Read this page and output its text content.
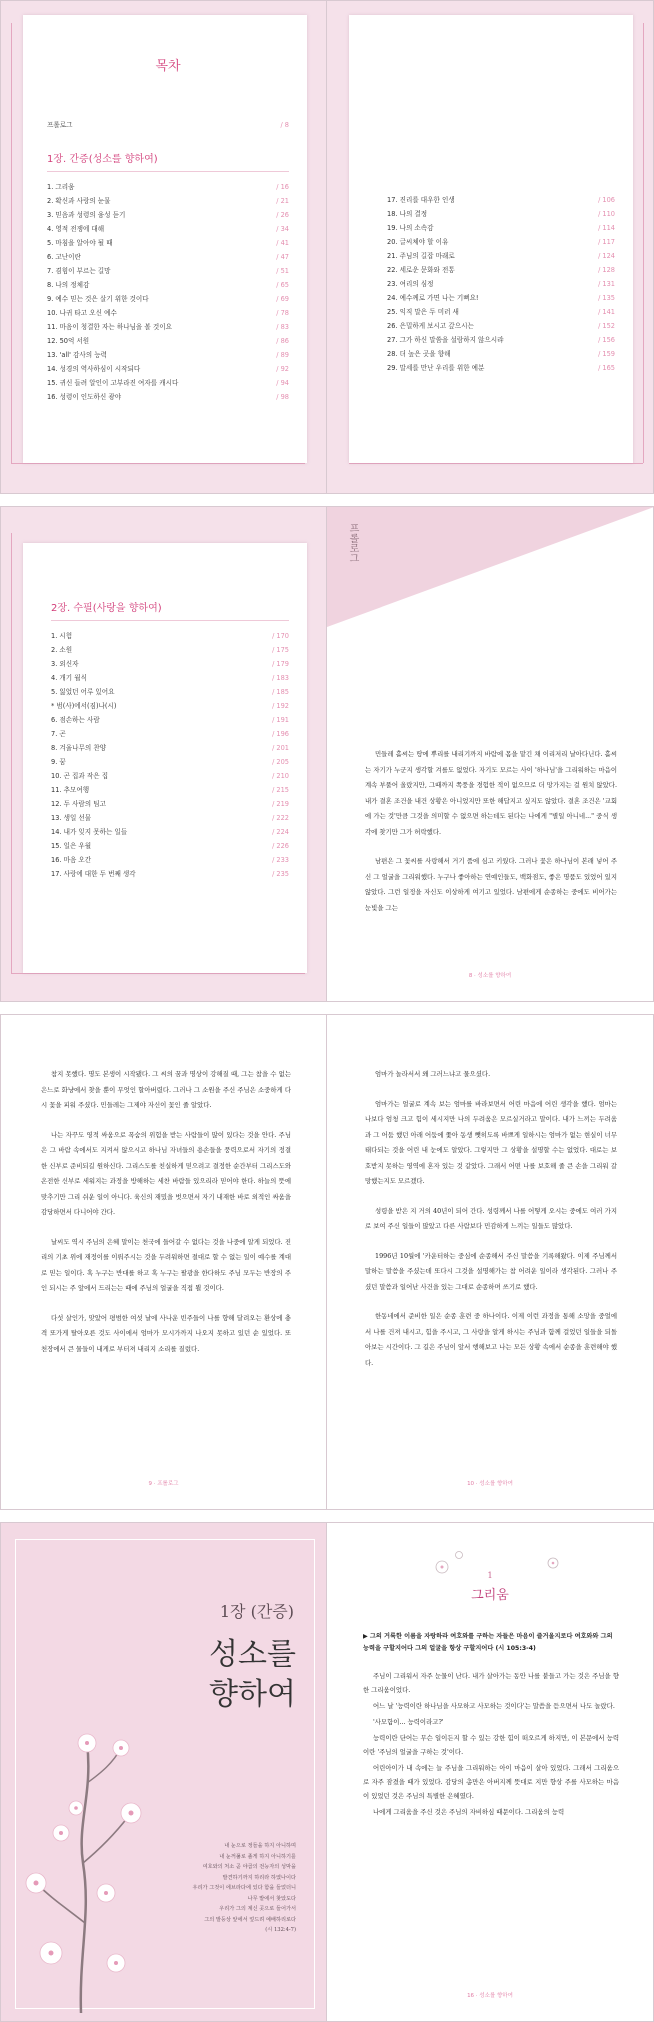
목차
프롤로그	/ 8
1장. 간증(성소를 향하여)
1. 그리움	/ 16
2. 확신과 사랑의 눈물	/ 21
3. 믿음과 성령의 융성 듣기	/ 26
4. 영적 전쟁에 대해	/ 34
5. 마침을 알아야 될 때	/ 41
6. 고난이란	/ 47
7. 겸힘이 부르는 길망	/ 51
8. 나의 정체감	/ 65
9. 예수 믿는 것은 살기 위한 것이다	/ 69
10. 나귀 타고 오신 예수	/ 78
11. 마음이 청결한 자는 하나님을 볼 것이요	/ 83
12. 50억 서원	/ 86
13. 'all' 감사의 능력	/ 89
14. 성경의 역사하심이 시작되다	/ 92
15. 귀신 들려 알인이 고부라진 여자를 캐시다	/ 94
16. 성령이 인도하신 광야	/ 98
17. 진리를 대우한 인생	/ 106
18. 나의 결정	/ 110
19. 나의 소속감	/ 114
20. 글씨체야 할 이유	/ 117
21. 주님의 길잡 마래로	/ 124
22. 세로운 문화와 전통	/ 128
23. 여리의 심정	/ 131
24. 예수께로 가면 나는 기뻐요!	/ 135
25. 익직 말은 두 미러 새	/ 141
26. 은밀하게 보시고 갚으시는	/ 152
27. 그가 하신 말씀을 설람하지 않으시랴	/ 156
28. 더 높은 곳을 향해	/ 159
29. 말세를 만난 우리를 위한 예분	/ 165
2장. 수필(사랑을 향하여)
1. 시험	/ 170
2. 소원	/ 175
3. 외신자	/ 179
4. 개기 월식	/ 183
5. 잃었던 어루 있어요	/ 185
* 범(사)에서(짐)나(시)	/ 192
6. 점손하는 사람	/ 191
7. 곤	/ 196
8. 겨울나무의 찬양	/ 201
9. 꿈	/ 205
10. 곤 집과 작은 집	/ 210
11. 추모여행	/ 215
12. 두 사람의 팀고	/ 219
13. 생일 선물	/ 222
14. 내가 잊지 못하는 일들	/ 224
15. 일은 우월	/ 226
16. 마음 오간	/ 233
17. 사랑에 대한 두 번째 생각	/ 235
프롤로그

민들레 홀씨는 땅에 뿌리를 내리기까지 바람에 몸을 맡긴 채 이리저리 날아다닌다. 홀씨는 자기가 누군지 생각할 겨를도 없었다. 자기도 모르는 사이 '하나님'을 그리워하는 마음이 계속 부풀어 올랐지만, 그때까지 쪽풍을 경험한 적이 없으므로 더 망가지는 걸 원치 않았다. 내가 결혼 조건을 내건 상황은 아니었지만 또한 해답지고 싶지도 않았다. 결혼 조건은 '교회에 가는 것'만큼 그것을 의미할 수 없으면 하는데도 된다는 나에게 "별일 아니네..." 중식 생각에 찾기만 그가 허락했다.

남편은 그 꽃씨를 사랑해서 거기 품에 심고 키웠다. 그러나 꽃은 하나님이 본래 넣어 주신 그 얼굴을 그리워했다. 누구나 좋아하는 연예인들도, 백화점도, 좋은 명품도 있었어 있지 않았다. 그런 일정을 자신도 이상하게 여기고 있었다. 남편에게 순종하는 중에도 비어가는 눈빛을 그는

8 · 성소를 향하여

참지 못했다. 명도 본생이 시작됐다. 그 씨의 꿈과 명상이 강해질 때, 그는 참을 수 없는 은느로 화냥에서 찾을 뿐이 무엇인 할아버렸다. 그러나 그 소원을 주신 주님은 소중하게 다시 꽃을 피워 주셨다. 민들레는 그제야 자신이 꽃인 줄 알았다.

나는 자꾸도 영적 싸움으로 폭숨의 위험을 받는 사람들이 많이 있다는 것을 안다. 주님은 그 바람 속에서도 지켜서 않으시고 하나님 자녀들의 용손들을 풍력으로서 자기의 정결한 신부로 준비되길 원하신다. 그리스도를 친실하게 믿으려고 결정한 순간부터 그리스도와 온전한 신부로 세워지는 과정을 방해하는 세찬 바람들 있으리라 믿어야 한다. 하늘의 뜻에 맞추기만 그리 쉬운 일이 아니다. 육신의 재밌을 벗으면서 자기 내재한 바로 외적인 싸움을 감당하면서 다니어야 간다.

날씨도 역시 주님의 은혜 말이는 천국에 들어갈 수 없다는 것을 나중에 알게 되었다. 진리의 기초 위에 재정이를 이뤄주시는 것을 두려워하면 절대로 할 수 없는 일이 예수를 계대로 믿는 일이다. 혹 누구는 반대를 하고 혹 누구는 팔광을 한다하도 주님 모두는 반장의 주인 되시는 주 앞에서 드리는는 때에 주님의 얼굴을 직접 뵐 것이다.

다섯 살인가, 맞았어 평범한 여섯 날에 사나운 빈주들이 나를 향해 달려오는 환상에 충격 또가게 탈아오른 것도 사이에서 엄마가 모시가까지 나오지 못하고 있던 순 있었다. 또 천장에서 큰 물들이 내게로 부터져 내리지 소리를 질렀다.

9 · 프롤로그

엄마가 놀라서서 왜 그러느냐고 물으셨다.

엄마가는 얼굴로 계속 보는 엄마를 바라보면서 어린 마음에 어린 생각을 했다. 엄마는 나보다 엄청 크고 힘이 세시지만 나의 두려움은 모르실거라고 말이다. 내가 느끼는 두려움과 그 어둠 했던 아래 어둠에 쫓아 동생 뺏히도록 바쁘게 일하시는 엄마가 없는 현실이 너무 태다되는 것을 어린 내 눈에도 알았다. 그렇지만 그 상황을 설명할 수는 없었다. 대로는 보호받지 못하는 영역에 혼자 있는 것 같았다. 그래서 어떤 나를 보호해 줄 큰 손을 그리워 갈망했는지도 모르겠다.

성령을 받은 지 거의 40년이 되어 간다. 성령께서 나를 어떻게 오시는 중에도 여러 가지로 보여 주신 일들이 많았고 다른 사람보다 민감하게 느끼는 일들도 많았다.

1996년 10월에 '카운터하는 중심에 순종해서 주신 말씀을 기록해왔다. 이제 주님께서 말하는 말씀을 주셨는데 또다시 그것을 설명해가는 참 어려운 일이라 생각된다. 그러나 주셨던 말씀과 일어난 사건을 있는 그대로 순종하며 쓰기로 했다.

한동네에서 준비한 일은 순종 훈련 중 하나이다. 이제 이런 과정을 통해 소망을 중얼에서 나를 건져 내시고, 힘을 주시고, 그 사랑을 알게 하시는 주님과 함께 걸었던 일들을 되돌아보는 시간이다. 그 길은 주님이 앞서 행해보고 나는 모든 상황 속에서 순종을 훈련해야 했다.

10 · 성소를 향하여
1장 (간증)
성소를
향하여
내 눈으로 정들을 하지 아니하며
내 눈꺼풀로 졸게 하지 아니하기를
여호와의 처소 곧 야곱의 전능자의 성막을
발견하기까지 하리라 하였나이다
우리가 그것이 에브라다에 있다 함을 들었더니
나무 밭에서 찾았도다
우리가 그의 계신 곳으로 들어가서
그의 발등상 앞에서 엎드려 예배하리로다
(시 132:4-7)
1
그리움
▶ 그의 거룩한 이름을 자랑하라 여호와를 구하는 자들은 마음이 즐거울지로다 여호와와 그의 능력을 구할지어다 그의 얼굴을 항상 구할지어다 (시 105:3-4)

주님이 그리워서 자주 눈물이 난다. 내가 살아가는 동안 나를 붙들고 가는 것은 주님을 향한 그리움이었다.

어느 날 '능력이란 하나님을 사모하고 사모하는 것이다'는 말씀을 듣으면서 나도 놀랐다.

'사모함이... 능력이라고?'

능력이란 단어는 무슨 일이든지 할 수 있는 강한 힘이 떠오르게 하지만, 이 본문에서 능력이란 '주님의 얼굴을 구하는 것'이다.

어린아이가 내 속에는 늘 주님을 그리워하는 아이 마음이 살아 있었다. 그래서 그리움으로 자주 잠겼을 때가 있었다. 감당의 총만은 아버지께 뜻대로 지만 향상 주를 사모하는 마음이 있었던 것은 주님의 특별한 은혜였다.

나에게 그리움을 주신 것은 주님의 자비하심 때문이다. 그리움의 능력

16 · 성소를 향하여
